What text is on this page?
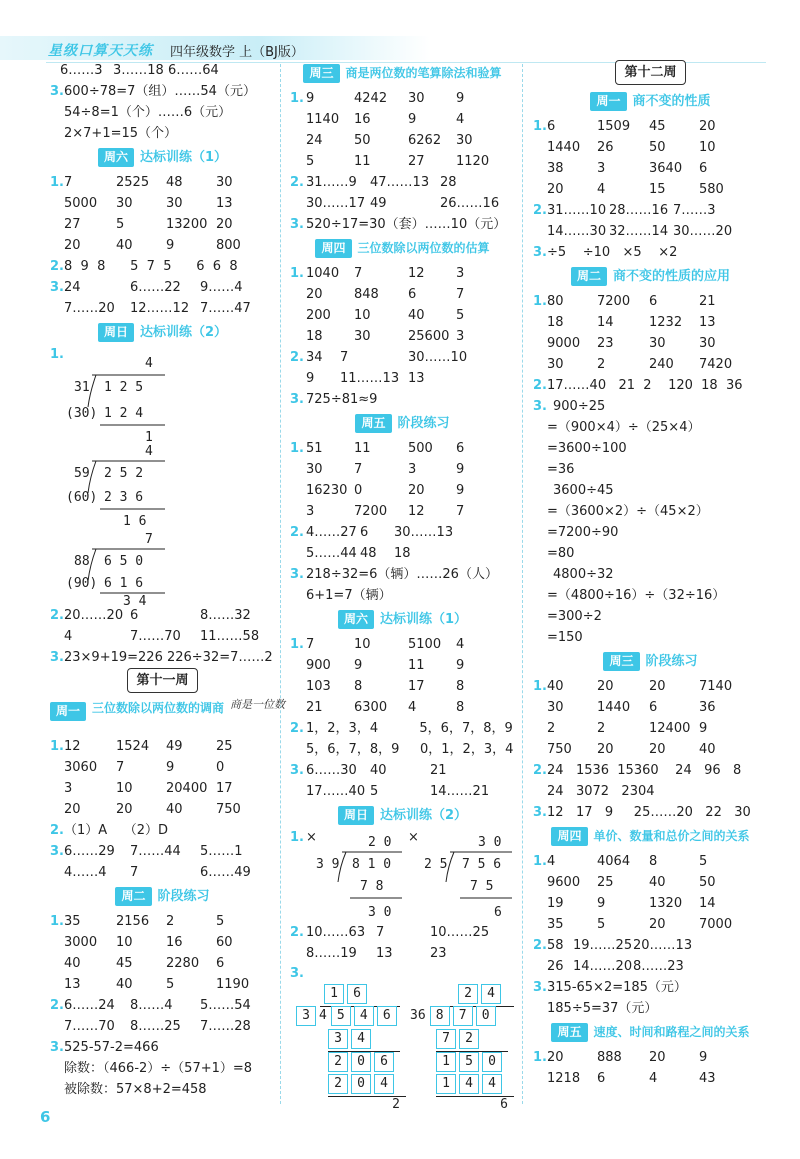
星级口算天天练 四年级数学 上（BJ版）
6……3 3……18 6……64
3. 600÷78=7（组）……54（元）
54÷8=1（个）……6（元）
2×7+1=15（个）
周六 达标训练（1）
1. 7	2525 48	30
5000 30	30	13
27	5	13200 20
20	40	9	800
2. 8  9  8      5  7  5      6  6  8
3. 24	6……22 9……4
7……20 12……12 7……47
周日 达标训练（2）
1.
4
31 1 2 5
(30) 1 2 4
1
4
59 2 5 2
(60) 2 3 6
1 6
7
88 6 5 0
(90) 6 1 6
3 4
2. 20……20 6	8……32
4	7……70 11……58
3. 23×9+19=226 226÷32=7……2
第十一周
周一 三位数除以两位数的调商 商是一位数
1. 12	1524 49	25
3060 7	9	0
3	10	20400 17
20	20	40	750
2. （1）A    （2）D
3. 6……29 7……44 5……1
4……4 7	6……49
周二 阶段练习
1. 35	2156 2	5
3000 10	16	60
40	45	2280 6
13	40	5	1190
2. 6……24 8……4 5……54
7……70 8……25 7……28
3. 525-57-2=466
除数：（466-2）÷（57+1）=8
被除数：57×8+2=458
周三 商是两位数的笔算除法和验算
1. 9	4242 30 9
1140 16	9	4
24 50	6262 30
5	11	27 1120
2. 31……9 47……13 28
30……17 49	26……16
3. 520÷17=30（套）……10（元）
周四 三位数除以两位数的估算
1. 1040 7	12 3
20 848 6	7
200 10	40 5
18 30	25600 3
2. 34 7	30……10
9 11……13 13
3. 725÷81≈9
周五 阶段练习
1. 51 11	500 6
30 7	3	9
16230 0	20 9
3	7200 12 7
2. 4……27 6 30……13
5……44 48 18
3. 218÷32=6（辆）……26（人）
6+1=7（辆）
周六 达标训练（1）
1. 7	10	5100 4
900 9	11 9
103 8	17 8
21 6300 4	8
2. 1，2，3，4          5，6，7，8，9
5，6，7，8，9     0，1，2，3，4
3. 6……30 40	21
17……40 5	14……21
周日 达标训练（2）
1. ×	×
2 0
3 9 8 1 0
7 8
3 0
3 0
2 5 7 5 6
7 5
6
2. 10……63 7	10……25
8……19 13	23
3.
1 6
3 4 5 4 6
3 4
2 0 6
2 0 4
2
2 4
36 8 7 0
7 2
1 5 0
1 4 4
6
第十二周
周一 商不变的性质
1. 6	1509 45	20
1440 26	50	10
38	3	3640 6
20	4	15	580
2. 31……10 28……16 7……3
14……30 32……14 30……20
3. ÷5    ÷10   ×5    ×2
周二 商不变的性质的应用
1. 80	7200 6	21
18	14	1232 13
9000 23	30	30
30	2	240 7420
2. 17……40   21  2    120  18  36
3. 900÷25
=（900×4）÷（25×4）
=3600÷100
=36
3600÷45
=（3600×2）÷（45×2）
=7200÷90
=80
4800÷32
=（4800÷16）÷（32÷16）
=300÷2
=150
周三 阶段练习
1. 40	20	20	7140
30	1440 6	36
2	2	12400 9
750 20	20	40
2. 24   1536  15360    24   96   8
24   3072   2304
3. 12   17   9     25……20   22   30
周四 单价、数量和总价之间的关系
1. 4	4064 8	5
9600 25	40	50
19	9	1320 14
35	5	20	7000
2. 58 19……25 20……13
26 14……20 8……23
3. 315-65×2=185（元）
185÷5=37（元）
周五 速度、时间和路程之间的关系
1. 20	888 20	9
1218 6	4	43
6
